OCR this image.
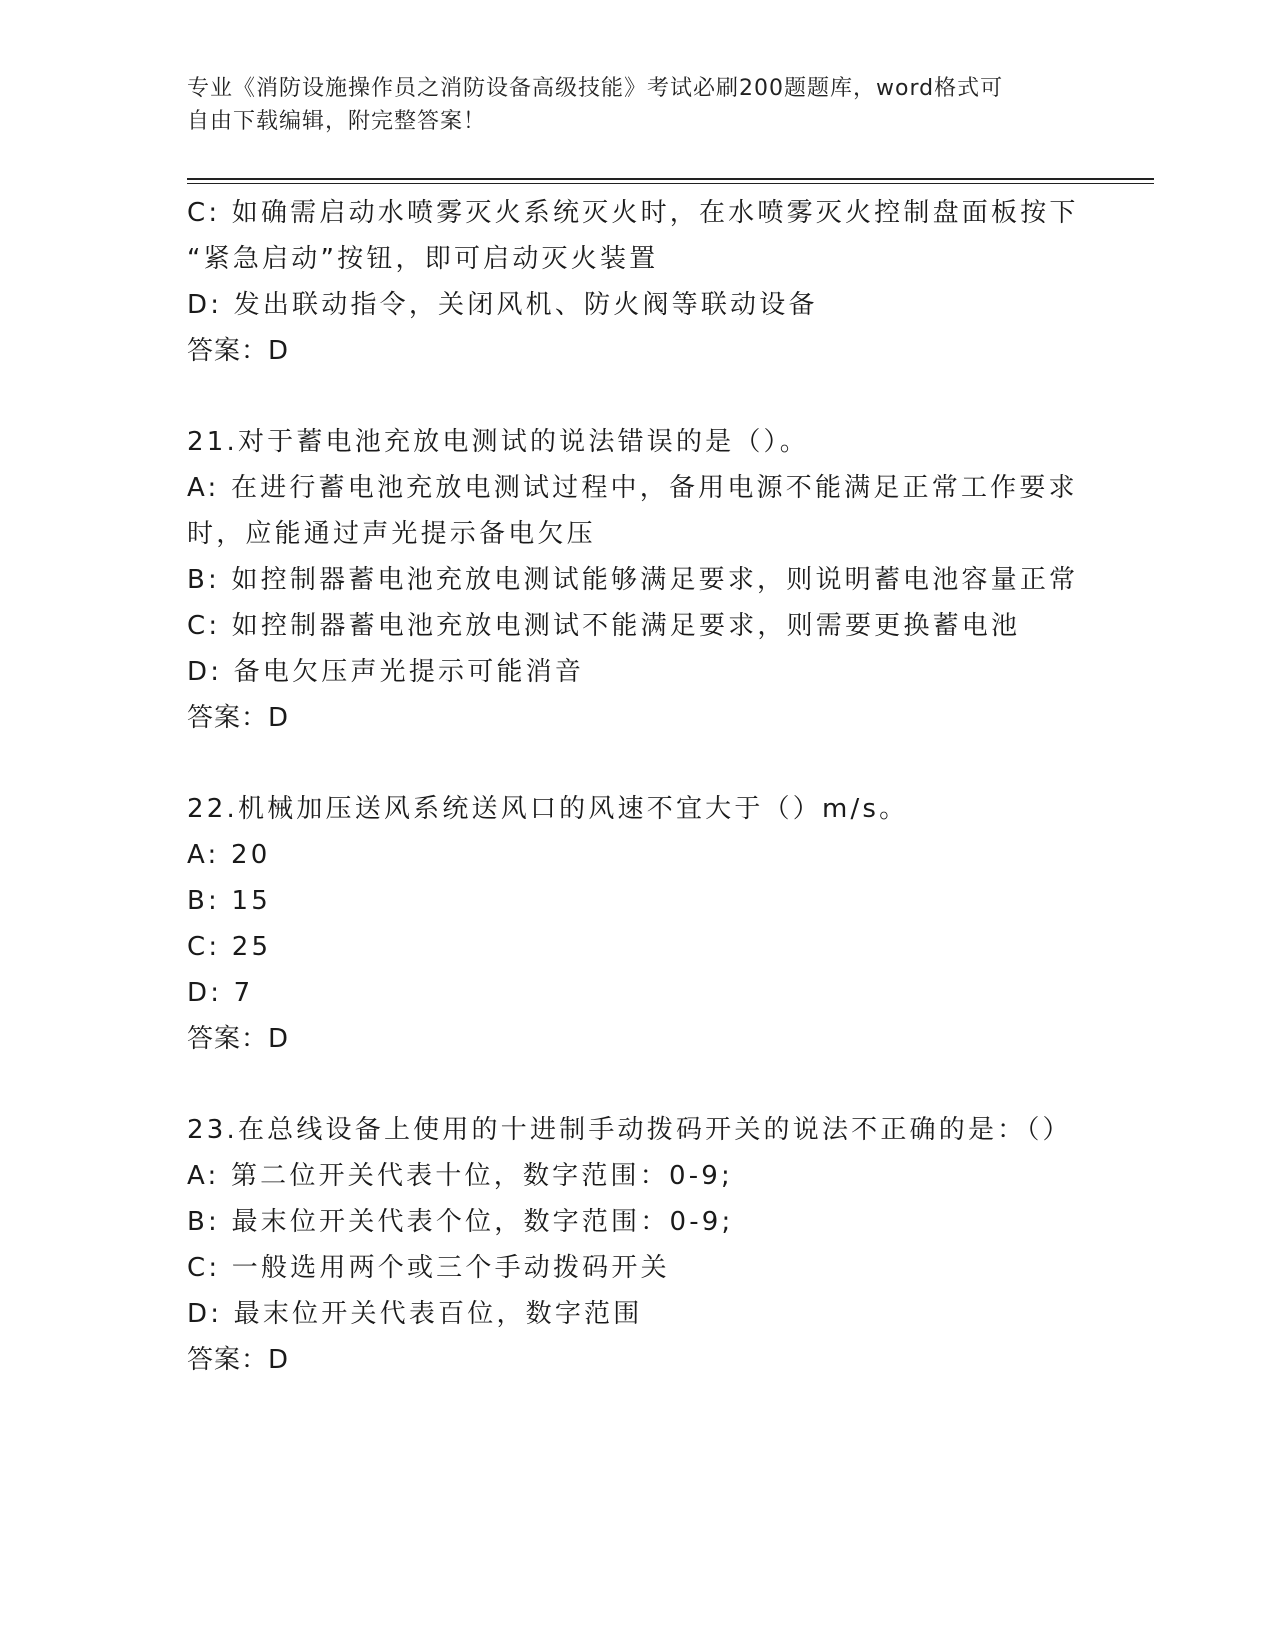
专业《消防设施操作员之消防设备高级技能》考试必刷200题题库，word格式可
自由下载编辑，附完整答案！
C: 如确需启动水喷雾灭火系统灭火时，在水喷雾灭火控制盘面板按下
“紧急启动”按钮，即可启动灭火装置
D: 发出联动指令，关闭风机、防火阀等联动设备
答案：D
21.对于蓄电池充放电测试的说法错误的是（）。
A: 在进行蓄电池充放电测试过程中，备用电源不能满足正常工作要求
时，应能通过声光提示备电欠压
B: 如控制器蓄电池充放电测试能够满足要求，则说明蓄电池容量正常
C: 如控制器蓄电池充放电测试不能满足要求，则需要更换蓄电池
D: 备电欠压声光提示可能消音
答案：D
22.机械加压送风系统送风口的风速不宜大于（）m/s。
A: 20
B: 15
C: 25
D: 7
答案：D
23.在总线设备上使用的十进制手动拨码开关的说法不正确的是：（）
A: 第二位开关代表十位，数字范围：0-9;
B: 最末位开关代表个位，数字范围：0-9;
C: 一般选用两个或三个手动拨码开关
D: 最末位开关代表百位，数字范围
答案：D
